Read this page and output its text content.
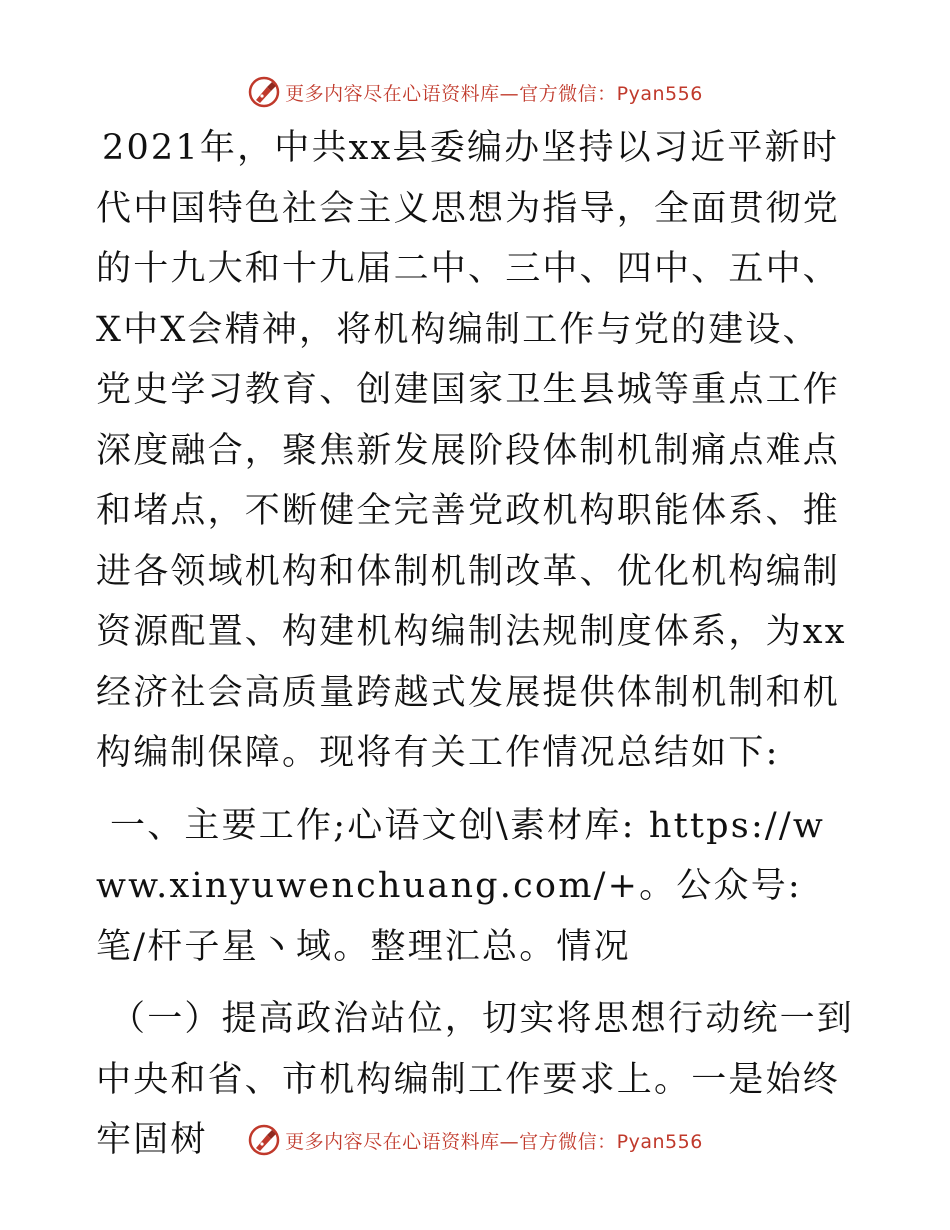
更多内容尽在心语资料库—官方微信：Pyan556

2021年，中共xx县委编办坚持以习近平新时代中国特色社会主义思想为指导，全面贯彻党的十九大和十九届二中、三中、四中、五中、X中X会精神，将机构编制工作与党的建设、党史学习教育、创建国家卫生县城等重点工作深度融合，聚焦新发展阶段体制机制痛点难点和堵点，不断健全完善党政机构职能体系、推进各领域机构和体制机制改革、优化机构编制资源配置、构建机构编制法规制度体系，为xx经济社会高质量跨越式发展提供体制机制和机构编制保障。现将有关工作情况总结如下:

一、主要工作;心语文创\素材库: https://www.xinyuwenchuang.com/+。公众号: 笔/杆子星丶域。整理汇总。情况

（一）提高政治站位，切实将思想行动统一到中央和省、市机构编制工作要求上。一是始终牢固树	更多内容尽在心语资料库—官方微信：Pyan556
